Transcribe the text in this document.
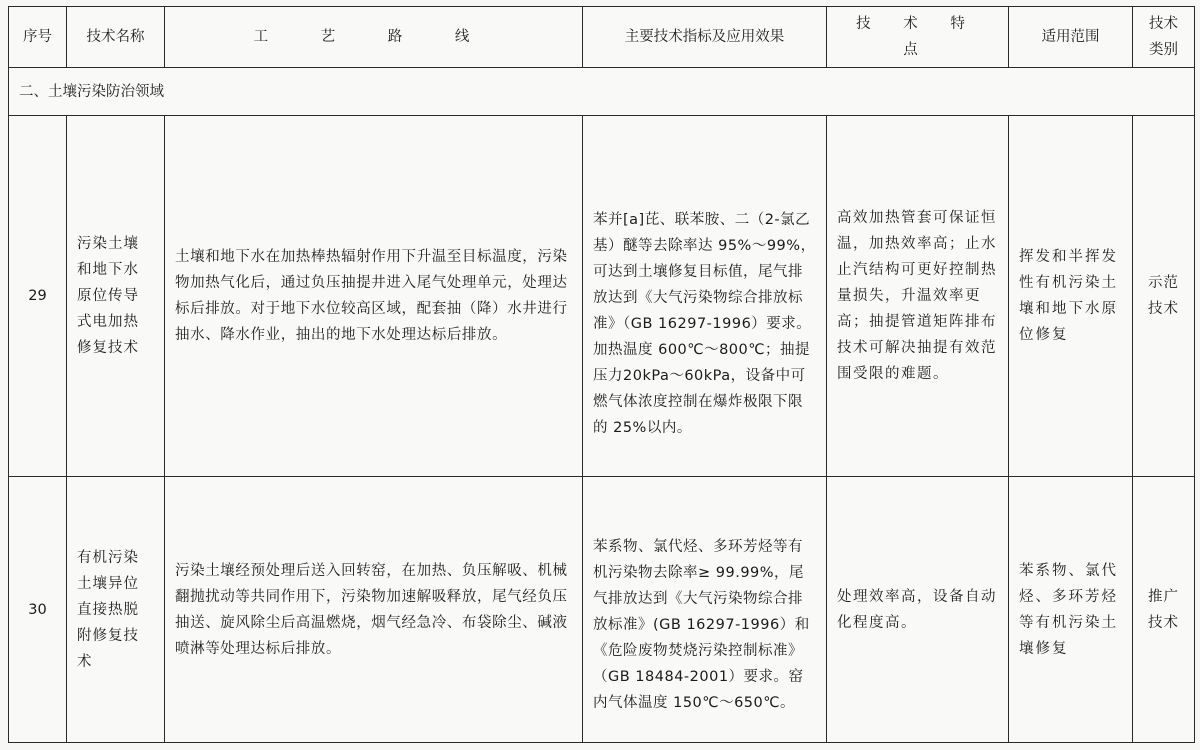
序号	技术名称	工 艺 路 线	主要技术指标及应用效果	技 术 特 点	适用范围	技术类别
二、土壤污染防治领域						
29	污染土壤和地下水原位传导式电加热修复技术	土壤和地下水在加热棒热辐射作用下升温至目标温度，污染物加热气化后，通过负压抽提井进入尾气处理单元，处理达标后排放。对于地下水位较高区域，配套抽（降）水井进行抽水、降水作业，抽出的地下水处理达标后排放。	苯并[a]芘、联苯胺、二（2-氯乙基）醚等去除率达 95%～99%，可达到土壤修复目标值，尾气排放达到《大气污染物综合排放标准》（GB 16297-1996）要求。加热温度 600℃～800℃；抽提压力20kPa～60kPa，设备中可燃气体浓度控制在爆炸极限下限的 25%以内。	高效加热管套可保证恒温，加热效率高；止水止汽结构可更好控制热量损失，升温效率更高；抽提管道矩阵排布技术可解决抽提有效范围受限的难题。	挥发和半挥发性有机污染土壤和地下水原位修复	示范技术
30	有机污染土壤异位直接热脱附修复技术	污染土壤经预处理后送入回转窑，在加热、负压解吸、机械翻抛扰动等共同作用下，污染物加速解吸释放，尾气经负压抽送、旋风除尘后高温燃烧，烟气经急冷、布袋除尘、碱液喷淋等处理达标后排放。	苯系物、氯代烃、多环芳烃等有机污染物去除率≥ 99.99%，尾气排放达到《大气污染物综合排放标准》(GB 16297-1996）和《危险废物焚烧污染控制标准》（GB 18484-2001）要求。窑内气体温度 150℃～650℃。	处理效率高，设备自动化程度高。	苯系物、氯代烃、多环芳烃等有机污染土壤修复	推广技术
